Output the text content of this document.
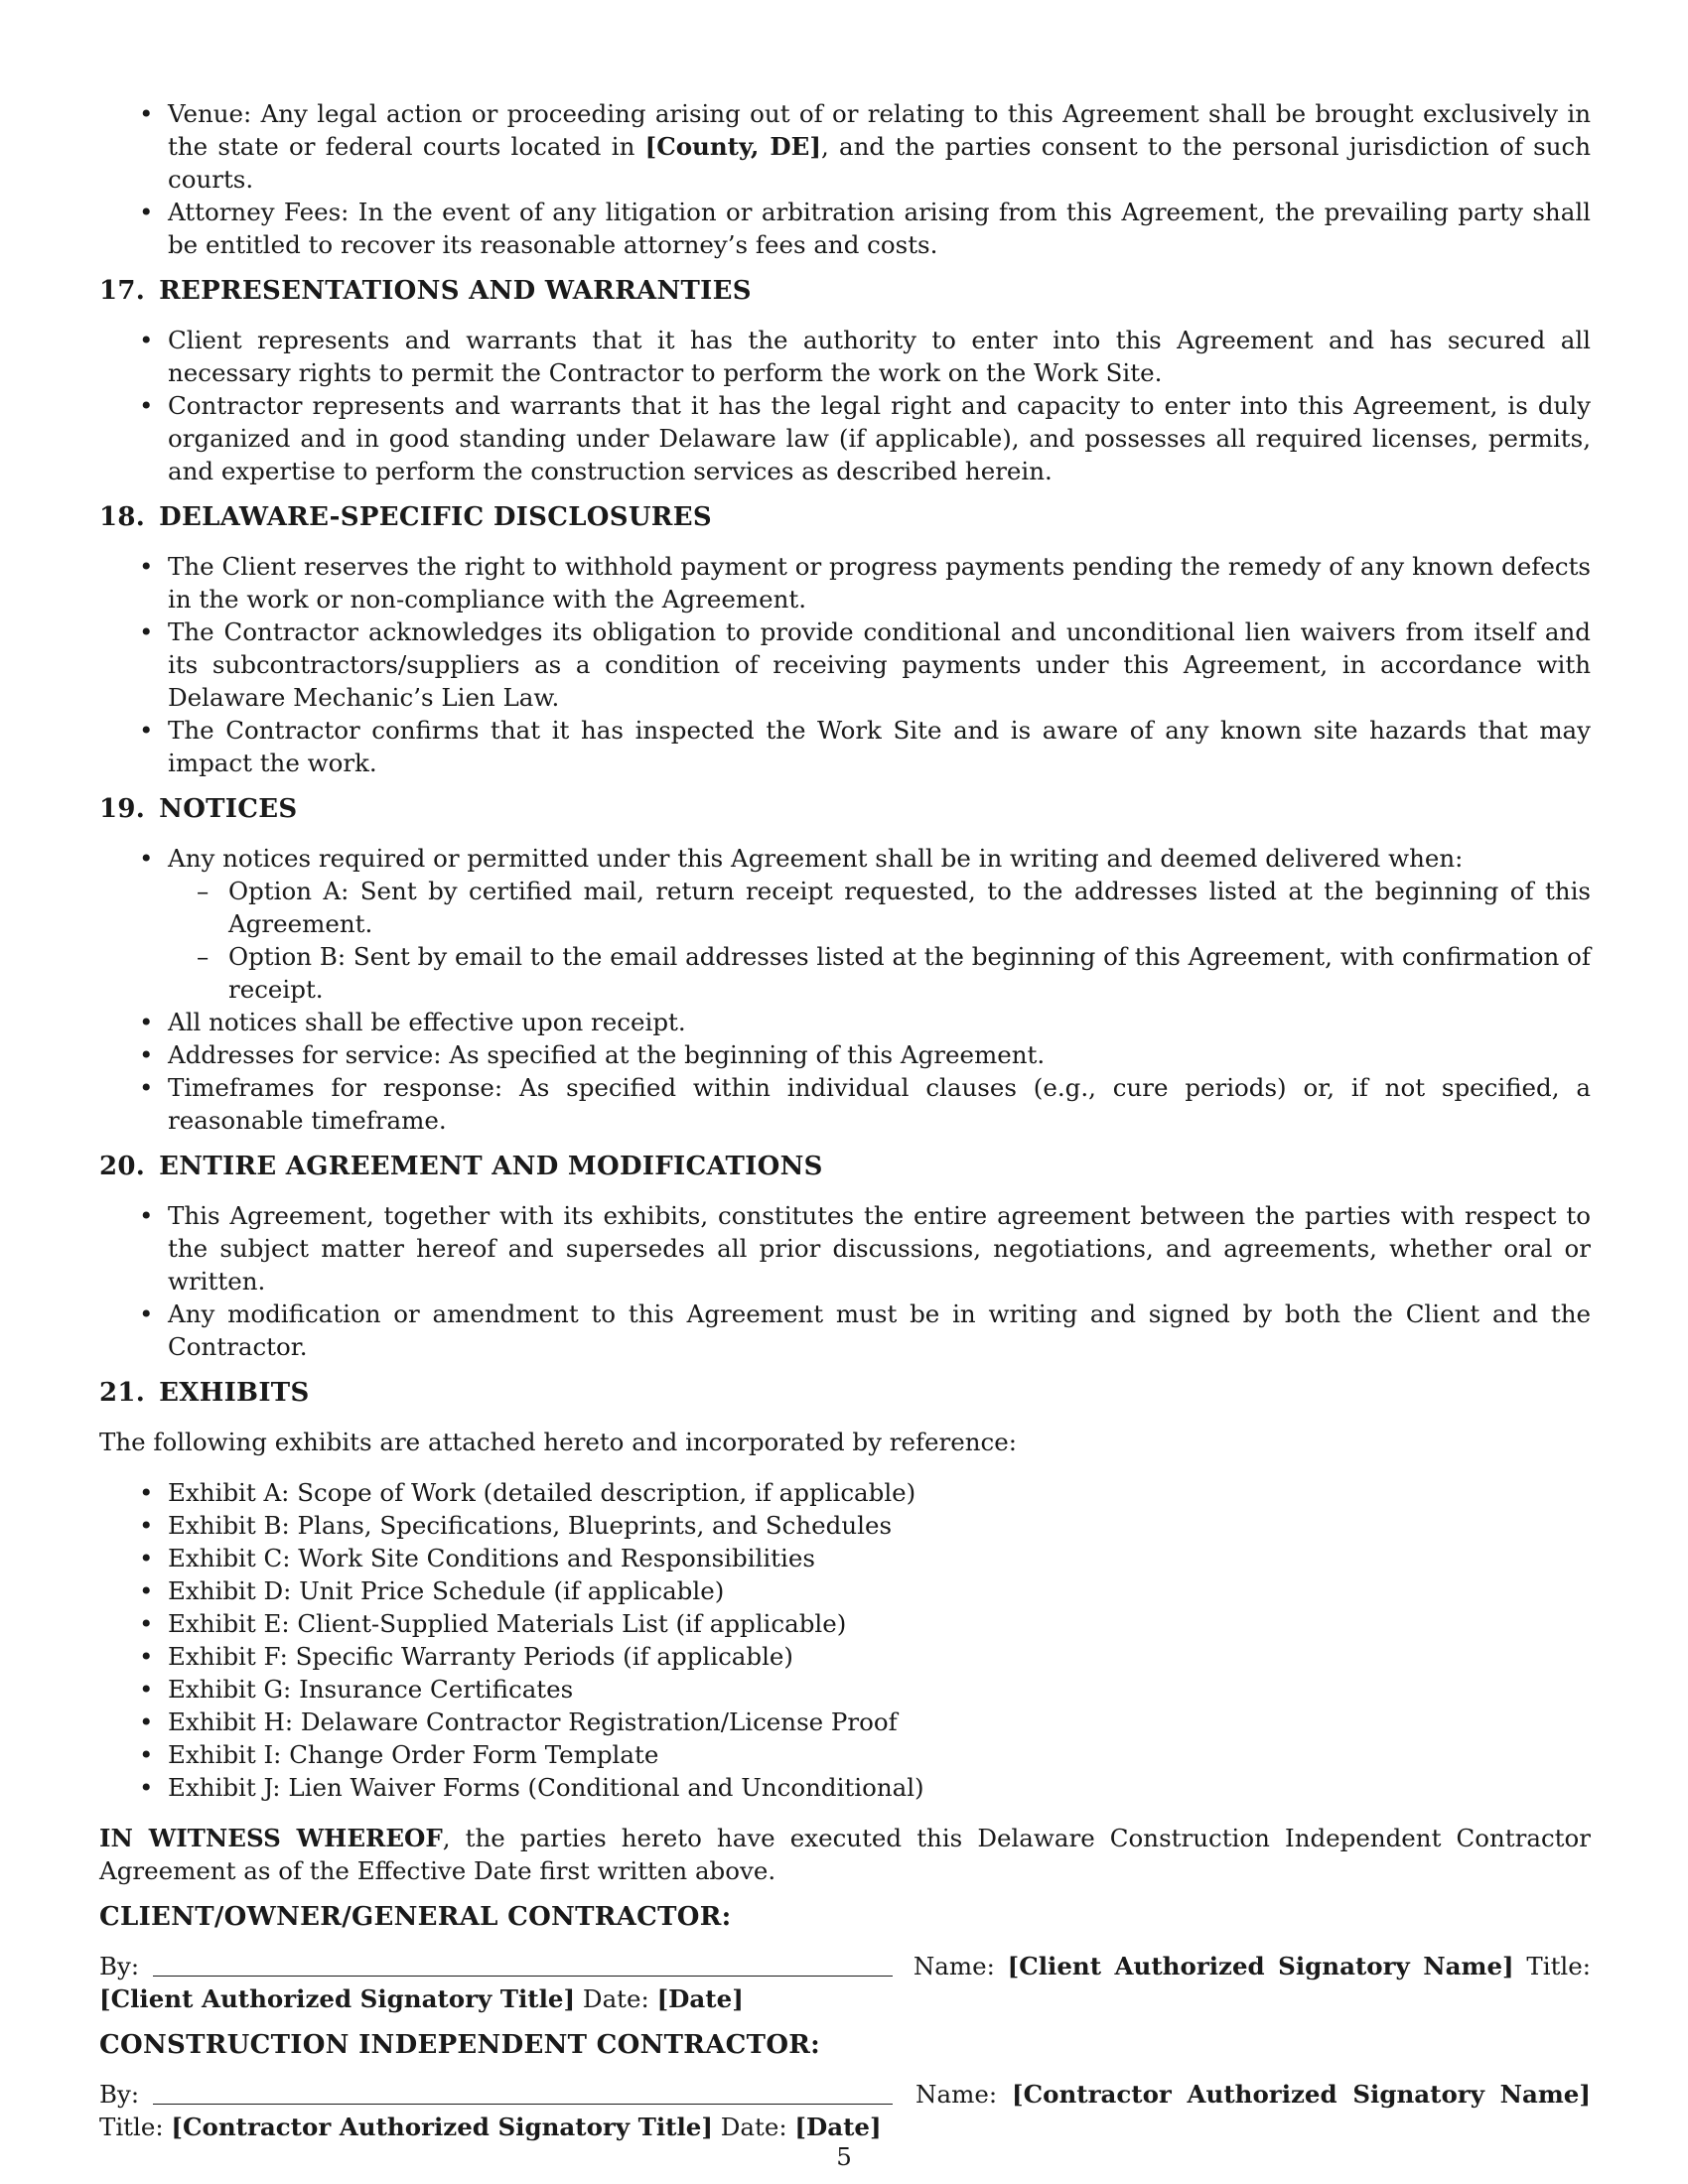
• Venue: Any legal action or proceeding arising out of or relating to this Agreement shall be brought exclusively in the state or federal courts located in [County, DE], and the parties consent to the personal jurisdiction of such courts.
• Attorney Fees: In the event of any litigation or arbitration arising from this Agreement, the prevailing party shall be entitled to recover its reasonable attorney’s fees and costs.
17. REPRESENTATIONS AND WARRANTIES
• Client represents and warrants that it has the authority to enter into this Agreement and has secured all necessary rights to permit the Contractor to perform the work on the Work Site.
• Contractor represents and warrants that it has the legal right and capacity to enter into this Agreement, is duly organized and in good standing under Delaware law (if applicable), and possesses all required licenses, permits, and expertise to perform the construction services as described herein.
18. DELAWARE-SPECIFIC DISCLOSURES
• The Client reserves the right to withhold payment or progress payments pending the remedy of any known defects in the work or non-compliance with the Agreement.
• The Contractor acknowledges its obligation to provide conditional and unconditional lien waivers from itself and its subcontractors/suppliers as a condition of receiving payments under this Agreement, in accordance with Delaware Mechanic’s Lien Law.
• The Contractor confirms that it has inspected the Work Site and is aware of any known site hazards that may impact the work.
19. NOTICES
• Any notices required or permitted under this Agreement shall be in writing and deemed delivered when:
– Option A: Sent by certified mail, return receipt requested, to the addresses listed at the beginning of this Agreement.
– Option B: Sent by email to the email addresses listed at the beginning of this Agreement, with confirmation of receipt.
• All notices shall be effective upon receipt.
• Addresses for service: As specified at the beginning of this Agreement.
• Timeframes for response: As specified within individual clauses (e.g., cure periods) or, if not specified, a reasonable timeframe.
20. ENTIRE AGREEMENT AND MODIFICATIONS
• This Agreement, together with its exhibits, constitutes the entire agreement between the parties with respect to the subject matter hereof and supersedes all prior discussions, negotiations, and agreements, whether oral or written.
• Any modification or amendment to this Agreement must be in writing and signed by both the Client and the Contractor.
21. EXHIBITS

The following exhibits are attached hereto and incorporated by reference:

• Exhibit A: Scope of Work (detailed description, if applicable)
• Exhibit B: Plans, Specifications, Blueprints, and Schedules
• Exhibit C: Work Site Conditions and Responsibilities
• Exhibit D: Unit Price Schedule (if applicable)
• Exhibit E: Client-Supplied Materials List (if applicable)
• Exhibit F: Specific Warranty Periods (if applicable)
• Exhibit G: Insurance Certificates
• Exhibit H: Delaware Contractor Registration/License Proof
• Exhibit I: Change Order Form Template
• Exhibit J: Lien Waiver Forms (Conditional and Unconditional)

IN WITNESS WHEREOF, the parties hereto have executed this Delaware Construction Independent Contractor Agreement as of the Effective Date first written above.

CLIENT/OWNER/GENERAL CONTRACTOR:

By:	Name: [Client Authorized Signatory Name] Title: [Client Authorized Signatory Title] Date: [Date]

CONSTRUCTION INDEPENDENT CONTRACTOR:

By:	Name: [Contractor Authorized Signatory Name] Title: [Contractor Authorized Signatory Title] Date: [Date]

5
